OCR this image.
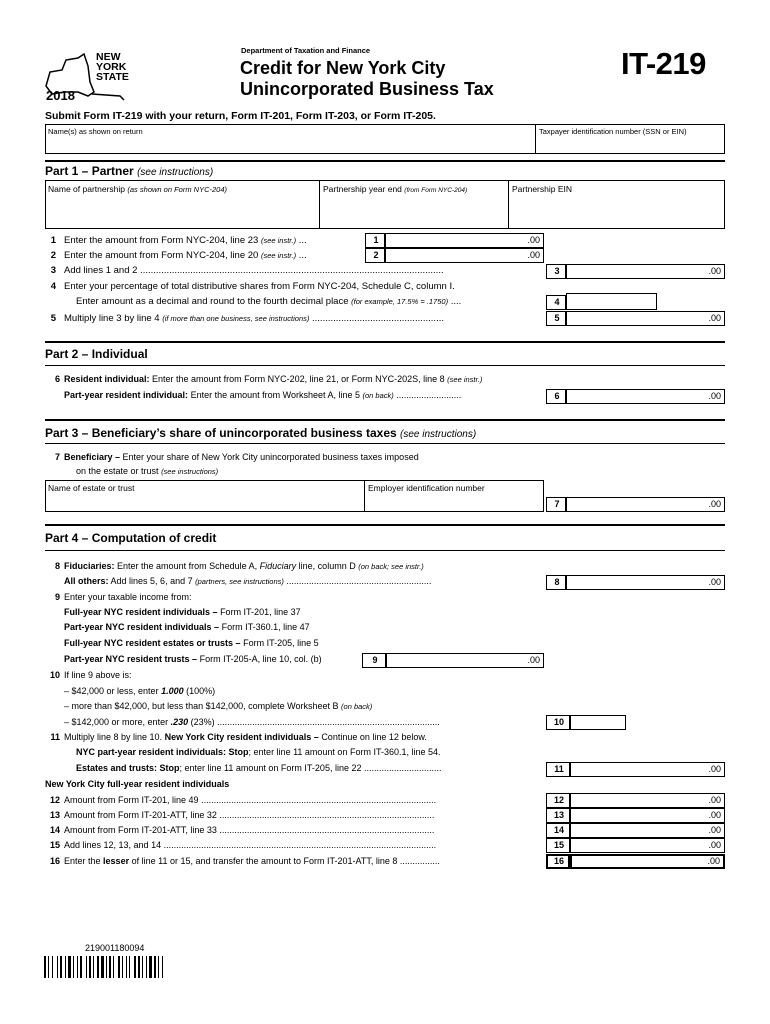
NEW
YORK
STATE
2018
Department of Taxation and Finance
Credit for New York City
Unincorporated Business Tax
IT-219
Submit Form IT-219 with your return, Form IT-201, Form IT-203, or Form IT-205.
Name(s) as shown on return	Taxpayer identification number (SSN or EIN)
Part 1 – Partner (see instructions)
Name of partnership (as shown on Form NYC-204)	Partnership year end (from Form NYC-204)	Partnership EIN
1 Enter the amount from Form NYC-204, line 23 (see instr.) ...	1	.00
2 Enter the amount from Form NYC-204, line 20 (see instr.) ...	2	.00
3 Add lines 1 and 2 ...................................................................................................................	3	.00
4 Enter your percentage of total distributive shares from Form NYC-204, Schedule C, column I.
Enter amount as a decimal and round to the fourth decimal place (for example, 17.5% = .1750) ....	4
5 Multiply line 3 by line 4 (if more than one business, see instructions) ..................................................	5	.00
Part 2 – Individual
6 Resident individual: Enter the amount from Form NYC-202, line 21, or Form NYC-202S, line 8 (see instr.)
Part-year resident individual: Enter the amount from Worksheet A, line 5 (on back) ..........................	6	.00
Part 3 – Beneficiary’s share of unincorporated business taxes (see instructions)
7 Beneficiary – Enter your share of New York City unincorporated business taxes imposed
on the estate or trust (see instructions)
Name of estate or trust	Employer identification number
7	.00
Part 4 – Computation of credit
8 Fiduciaries: Enter the amount from Schedule A, Fiduciary line, column D (on back; see instr.)
All others: Add lines 5, 6, and 7 (partners, see instructions) ..........................................................	8	.00
9 Enter your taxable income from:
Full-year NYC resident individuals – Form IT-201, line 37
Part-year NYC resident individuals – Form IT-360.1, line 47
Full-year NYC resident estates or trusts – Form IT-205, line 5
Part-year NYC resident trusts – Form IT-205-A, line 10, col. (b)	9	.00
10 If line 9 above is:
– $42,000 or less, enter 1.000 (100%)
– more than $42,000, but less than $142,000, complete Worksheet B (on back)
– $142,000 or more, enter .230 (23%) .........................................................................................	10
11 Multiply line 8 by line 10. New York City resident individuals – Continue on line 12 below.
NYC part-year resident individuals: Stop; enter line 11 amount on Form IT-360.1, line 54.
Estates and trusts: Stop; enter line 11 amount on Form IT-205, line 22 ...............................	11	.00
New York City full-year resident individuals
12 Amount from Form IT-201, line 49 ..............................................................................................	12	.00
13 Amount from Form IT-201-ATT, line 32 ......................................................................................	13	.00
14 Amount from Form IT-201-ATT, line 33 ......................................................................................	14	.00
15 Add lines 12, 13, and 14 .............................................................................................................	15	.00
16 Enter the lesser of line 11 or 15, and transfer the amount to Form IT-201-ATT, line 8 ................	16	.00
219001180094
